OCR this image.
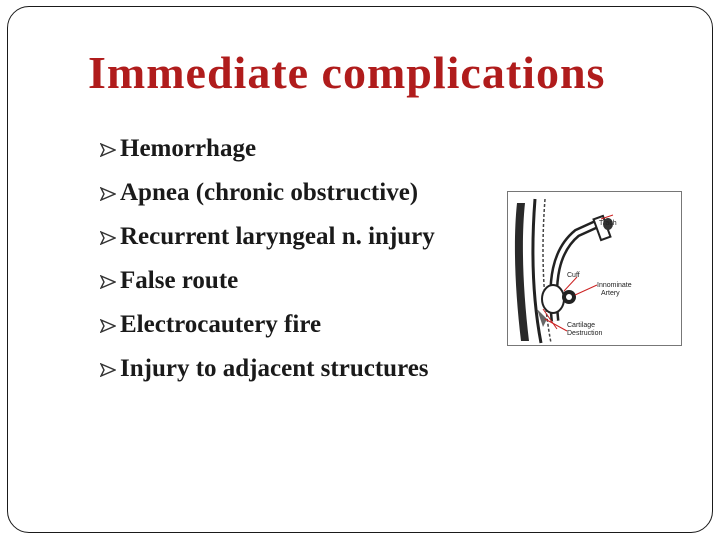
Immediate complications
Hemorrhage
Apnea (chronic obstructive)
Recurrent laryngeal n. injury
False route
Electrocautery fire
Injury to adjacent structures
Trach
Cuff
Innominate
Artery
Cartilage
Destruction
